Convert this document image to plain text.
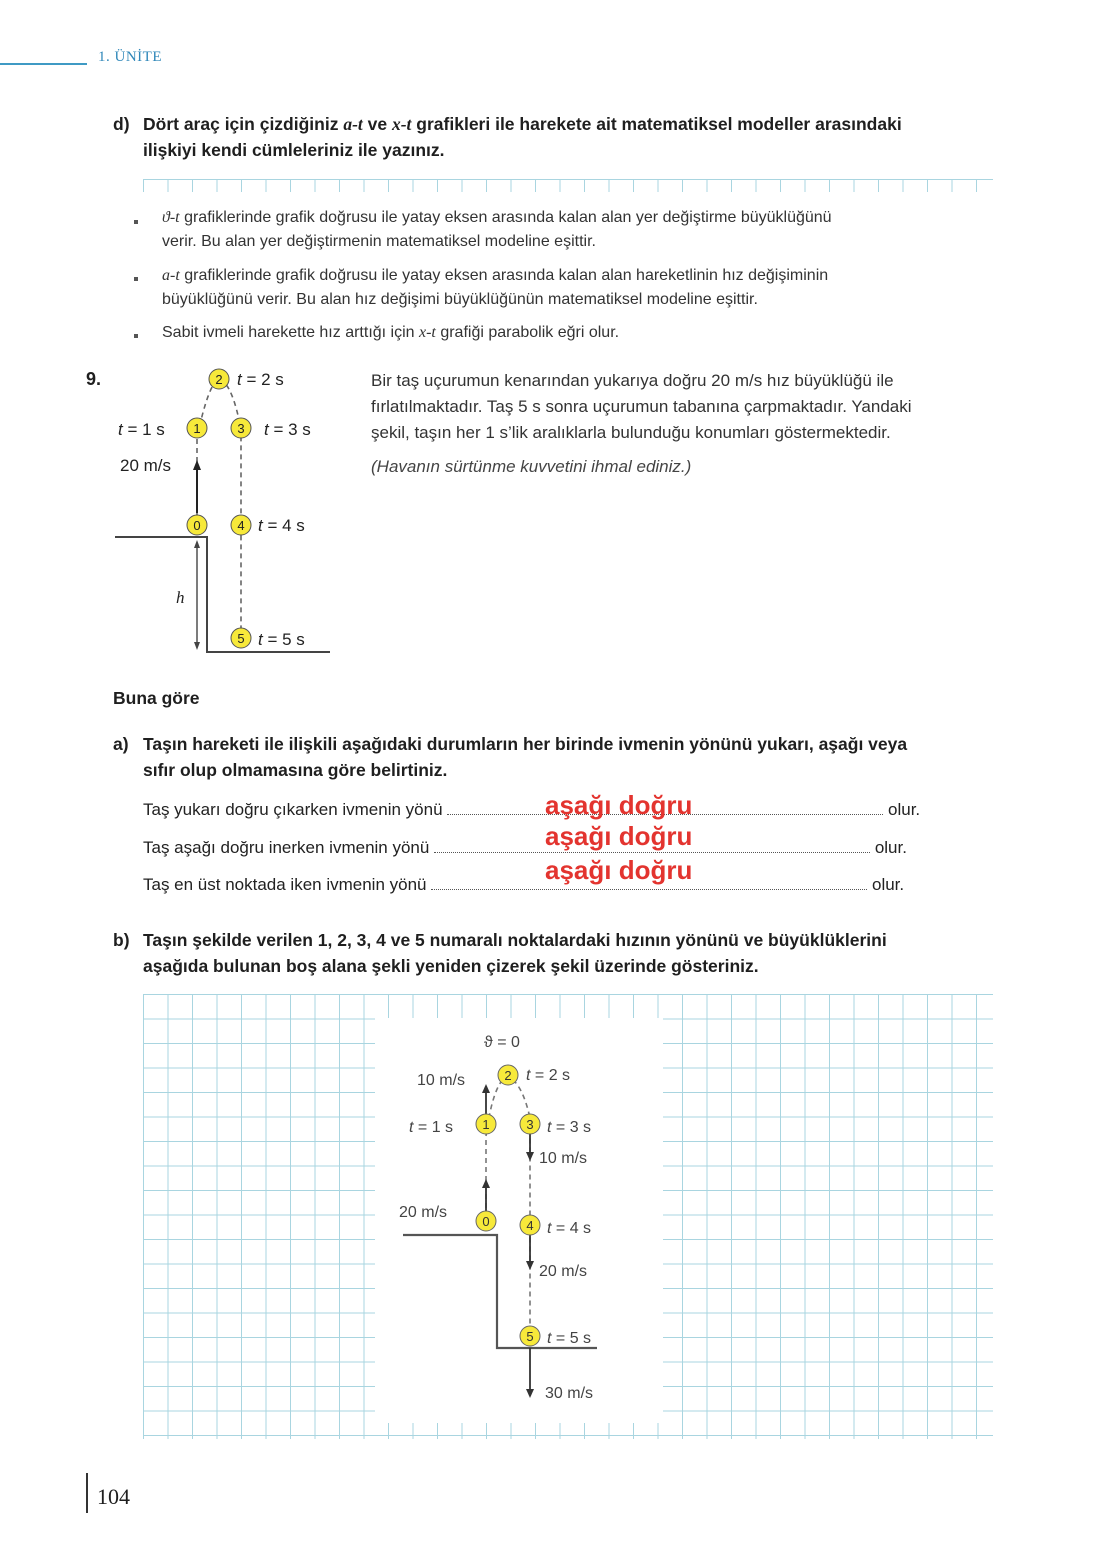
1. ÜNİTE
d) Dört araç için çizdiğiniz a-t ve x-t grafikleri ile harekete ait matematiksel modeller arasındaki
ilişkiyi kendi cümleleriniz ile yazınız.
ϑ-t grafiklerinde grafik doğrusu ile yatay eksen arasında kalan alan yer değiştirme büyüklüğünü
verir. Bu alan yer değiştirmenin matematiksel modeline eşittir.
a-t grafiklerinde grafik doğrusu ile yatay eksen arasında kalan alan hareketlinin hız değişiminin
büyüklüğünü verir. Bu alan hız değişimi büyüklüğünün matematiksel modeline eşittir.
Sabit ivmeli harekette hız arttığı için x-t grafiği parabolik eğri olur.
9.
0
1
2
3
4
5
t = 2 s
t = 1 s	t = 3 s
20 m/s
t = 4 s
t = 5 s
h
Bir taş uçurumun kenarından yukarıya doğru 20 m/s hız büyüklüğü ile
fırlatılmaktadır. Taş 5 s sonra uçurumun tabanına çarpmaktadır. Yandaki
şekil, taşın her 1 s’lik aralıklarla bulunduğu konumları göstermektedir.
(Havanın sürtünme kuvvetini ihmal ediniz.)
Buna göre
a) Taşın hareketi ile ilişkili aşağıdaki durumların her birinde ivmenin yönünü yukarı, aşağı veya
sıfır olup olmamasına göre belirtiniz.
Taş yukarı doğru çıkarken ivmenin yönü	olur.
Taş aşağı doğru inerken ivmenin yönü	olur.
Taş en üst noktada iken ivmenin yönü	olur.
aşağı doğru
aşağı doğru
aşağı doğru
b) Taşın şekilde verilen 1, 2, 3, 4 ve 5 numaralı noktalardaki hızının yönünü ve büyüklüklerini
aşağıda bulunan boş alana şekli yeniden çizerek şekil üzerinde gösteriniz.
0
1
2
3
4
5
ϑ = 0
10 m/s	t = 2 s
t = 1 s	t = 3 s
10 m/s
20 m/s
t = 4 s
20 m/s
t = 5 s
30 m/s
104
